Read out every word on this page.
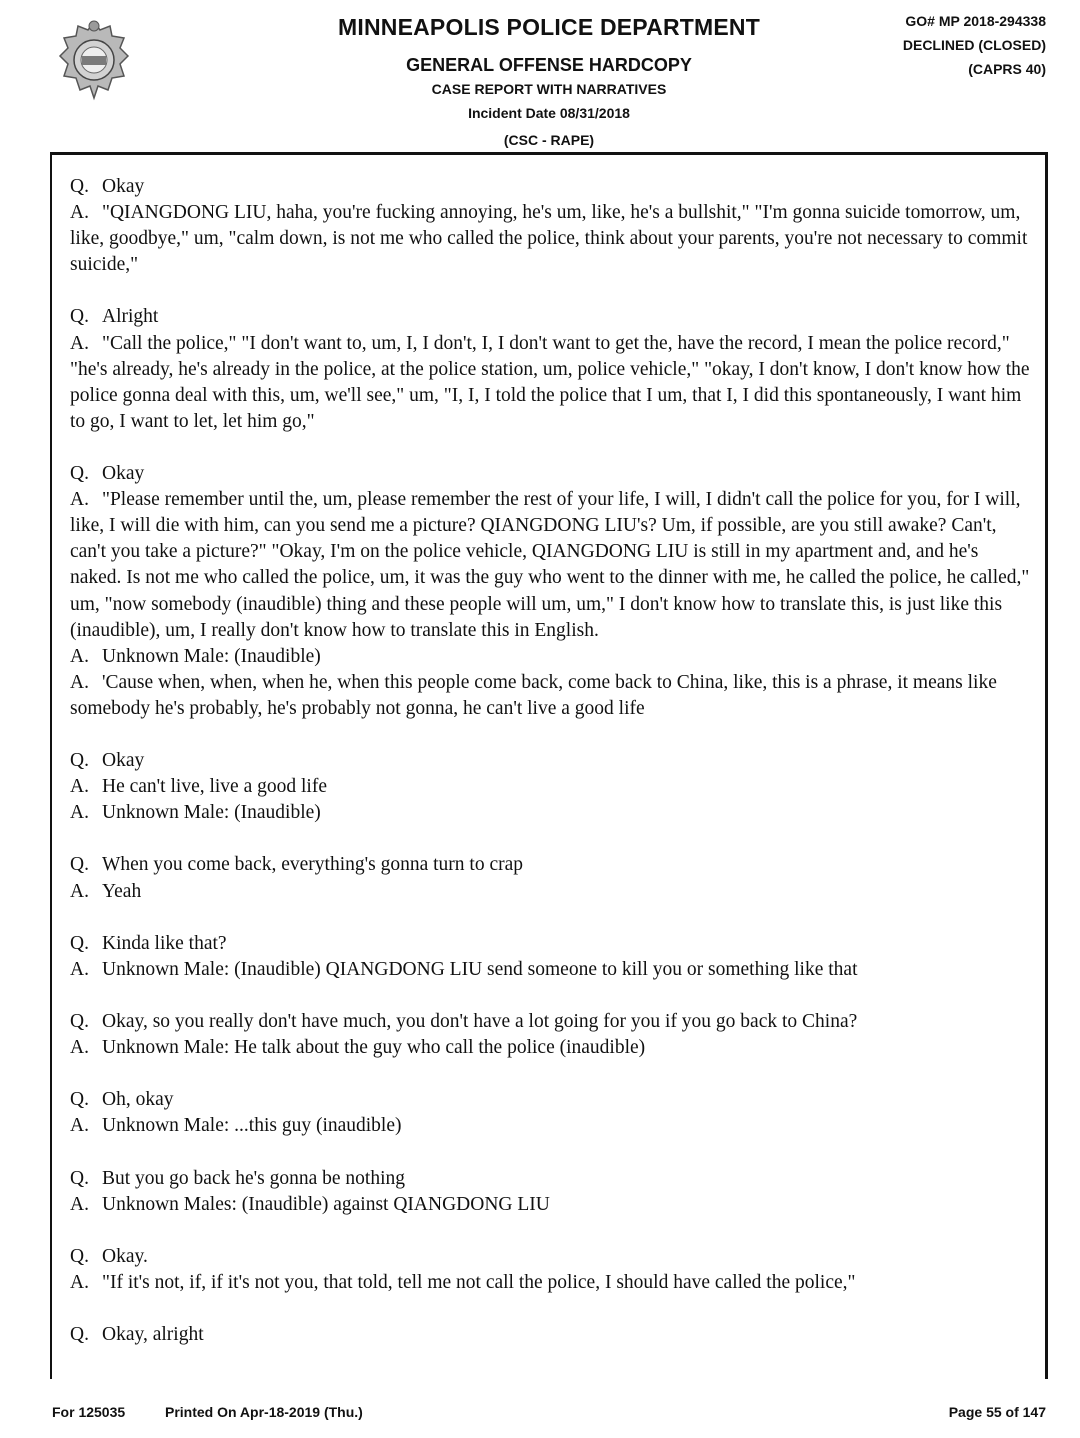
MINNEAPOLIS POLICE DEPARTMENT
GENERAL OFFENSE HARDCOPY
CASE REPORT WITH NARRATIVES
Incident Date 08/31/2018
(CSC - RAPE)
GO# MP 2018-294338
DECLINED (CLOSED)
(CAPRS 40)
Q. Okay
A. "QIANGDONG LIU, haha, you're fucking annoying, he's um, like, he's a bullshit," "I'm gonna suicide tomorrow, um, like, goodbye," um, "calm down, is not me who called the police, think about your parents, you're not necessary to commit suicide,"
Q. Alright
A. "Call the police," "I don't want to, um, I, I don't, I, I don't want to get the, have the record, I mean the police record," "he's already, he's already in the police, at the police station, um, police vehicle," "okay, I don't know, I don't know how the police gonna deal with this, um, we'll see," um, "I, I, I told the police that I um, that I, I did this spontaneously, I want him to go, I want to let, let him go,"
Q. Okay
A. "Please remember until the, um, please remember the rest of your life, I will, I didn't call the police for you, for I will, like, I will die with him, can you send me a picture? QIANGDONG LIU's? Um, if possible, are you still awake? Can't, can't you take a picture?" "Okay, I'm on the police vehicle, QIANGDONG LIU is still in my apartment and, and he's naked. Is not me who called the police, um, it was the guy who went to the dinner with me, he called the police, he called," um, "now somebody (inaudible) thing and these people will um, um," I don't know how to translate this, is just like this (inaudible), um, I really don't know how to translate this in English.
A. Unknown Male: (Inaudible)
A. 'Cause when, when, when he, when this people come back, come back to China, like, this is a phrase, it means like somebody he's probably, he's probably not gonna, he can't live a good life
Q. Okay
A. He can't live, live a good life
A. Unknown Male: (Inaudible)
Q. When you come back, everything's gonna turn to crap
A. Yeah
Q. Kinda like that?
A. Unknown Male: (Inaudible) QIANGDONG LIU send someone to kill you or something like that
Q. Okay, so you really don't have much, you don't have a lot going for you if you go back to China?
A. Unknown Male: He talk about the guy who call the police (inaudible)
Q. Oh, okay
A. Unknown Male: ...this guy (inaudible)
Q. But you go back he's gonna be nothing
A. Unknown Males: (Inaudible) against QIANGDONG LIU
Q. Okay.
A. "If it's not, if, if it's not you, that told, tell me not call the police, I should have called the police,"
Q. Okay, alright
For 125035	Printed On Apr-18-2019 (Thu.)	Page 55 of 147
